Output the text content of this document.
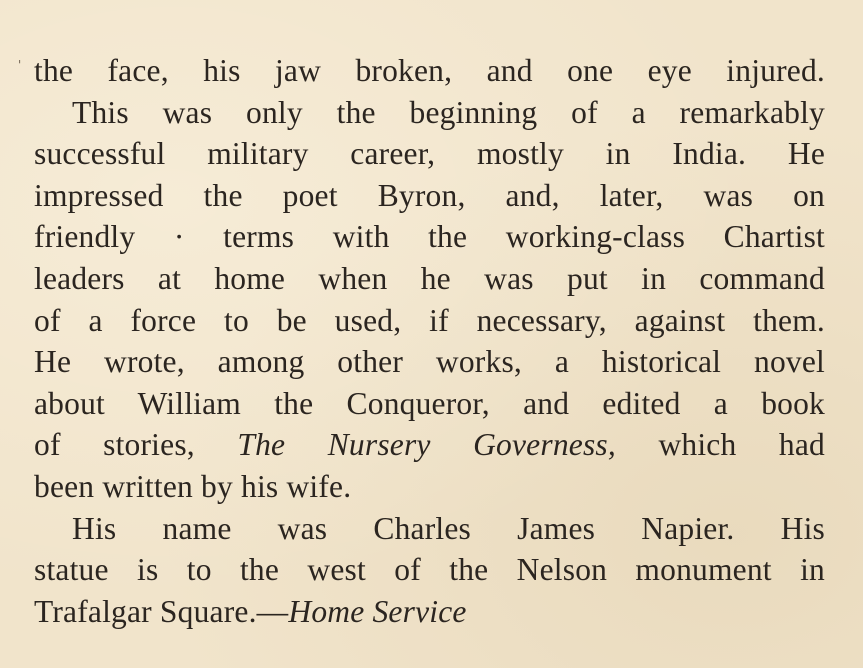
' the face, his jaw broken, and one eye injured.
This was only the beginning of a remarkably
successful military career, mostly in India. He
impressed the poet Byron, and, later, was on
friendly · terms with the working-class Chartist
leaders at home when he was put in command
of a force to be used, if necessary, against them.
He wrote, among other works, a historical novel
about William the Conqueror, and edited a book
of stories, The Nursery Governess, which had
been written by his wife.
His name was Charles James Napier. His
statue is to the west of the Nelson monument in
Trafalgar Square.—Home Service
